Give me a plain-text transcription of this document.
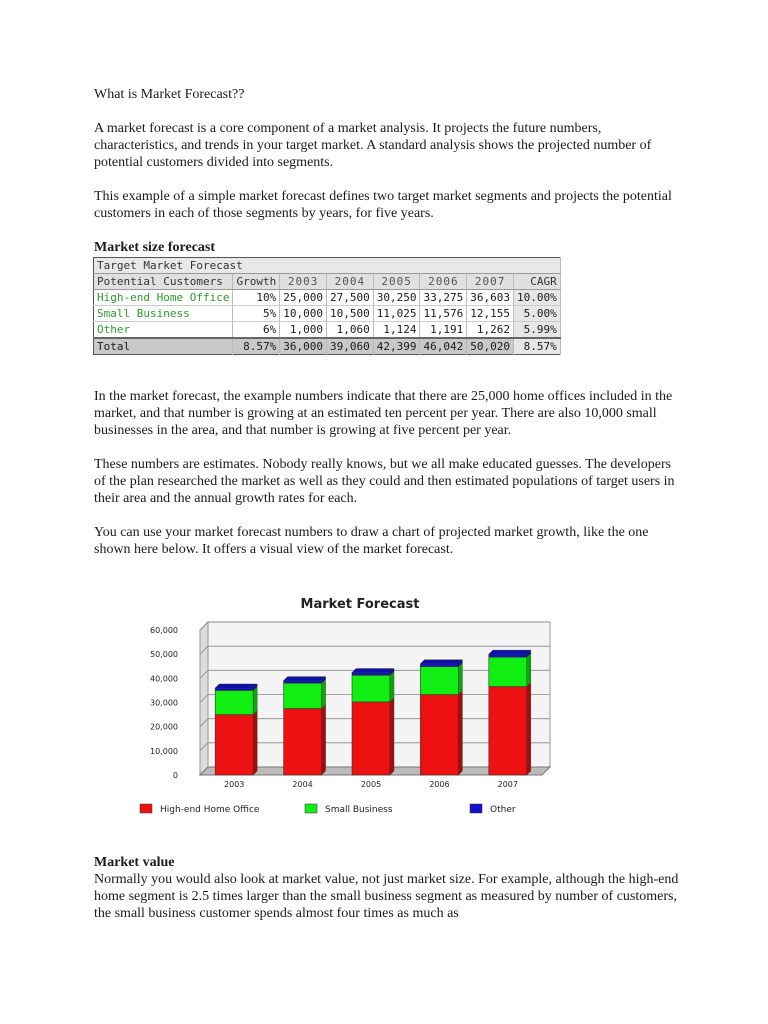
What is Market Forecast??

A market forecast is a core component of a market analysis. It projects the future numbers, characteristics, and trends in your target market. A standard analysis shows the projected number of potential customers divided into segments.

This example of a simple market forecast defines two target market segments and projects the potential customers in each of those segments by years, for five years.

Market size forecast

Target Market Forecast							
Potential Customers	Growth	2003	2004	2005	2006	2007	CAGR
High-end Home Office	10%	25,000	27,500	30,250	33,275	36,603	10.00%
Small Business	5%	10,000	10,500	11,025	11,576	12,155	5.00%
Other	6%	1,000	1,060	1,124	1,191	1,262	5.99%
Total	8.57%	36,000	39,060	42,399	46,042	50,020	8.57%

In the market forecast, the example numbers indicate that there are 25,000 home offices included in the market, and that number is growing at an estimated ten percent per year. There are also 10,000 small businesses in the area, and that number is growing at five percent per year.

These numbers are estimates. Nobody really knows, but we all make educated guesses. The developers of the plan researched the market as well as they could and then estimated populations of target users in their area and the annual growth rates for each.

You can use your market forecast numbers to draw a chart of projected market growth, like the one shown here below. It offers a visual view of the market forecast.

Market Forecast
0
10,000
20,000
30,000
40,000
50,000
60,000
2003	2004	2005	2006	2007
High-end Home Office	Small Business	Other

Market value

Normally you would also look at market value, not just market size. For example, although the high-end home segment is 2.5 times larger than the small business segment as measured by number of customers, the small business customer spends almost four times as much as
